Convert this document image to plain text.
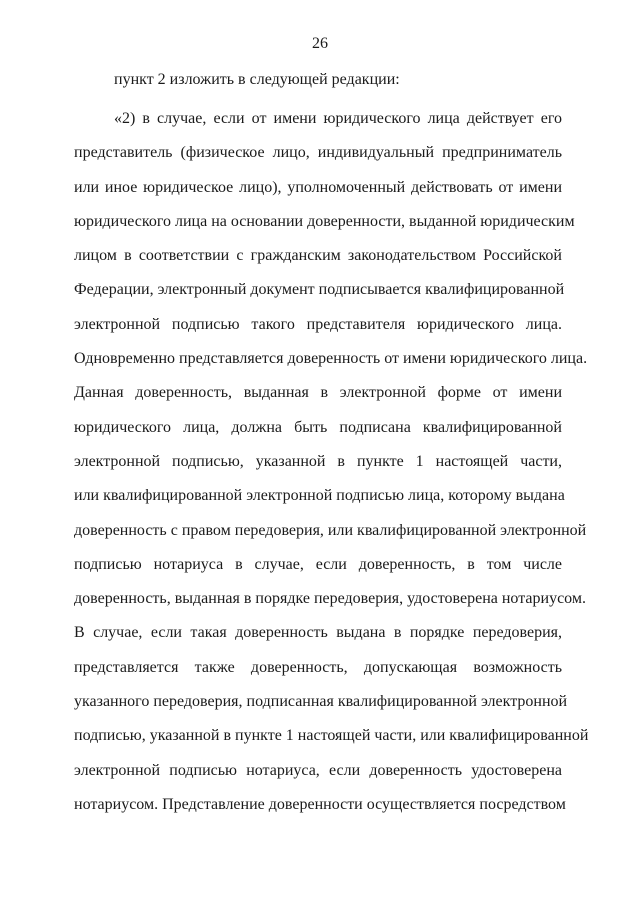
26
пункт 2 изложить в следующей редакции:
«2) в случае, если от имени юридического лица действует его
представитель (физическое лицо, индивидуальный предприниматель
или иное юридическое лицо), уполномоченный действовать от имени
юридического лица на основании доверенности, выданной юридическим
лицом в соответствии с гражданским законодательством Российской
Федерации, электронный документ подписывается квалифицированной
электронной подписью такого представителя юридического лица.
Одновременно представляется доверенность от имени юридического лица.
Данная доверенность, выданная в электронной форме от имени
юридического лица, должна быть подписана квалифицированной
электронной подписью, указанной в пункте 1 настоящей части,
или квалифицированной электронной подписью лица, которому выдана
доверенность с правом передоверия, или квалифицированной электронной
подписью нотариуса в случае, если доверенность, в том числе
доверенность, выданная в порядке передоверия, удостоверена нотариусом.
В случае, если такая доверенность выдана в порядке передоверия,
представляется также доверенность, допускающая возможность
указанного передоверия, подписанная квалифицированной электронной
подписью, указанной в пункте 1 настоящей части, или квалифицированной
электронной подписью нотариуса, если доверенность удостоверена
нотариусом. Представление доверенности осуществляется посредством
